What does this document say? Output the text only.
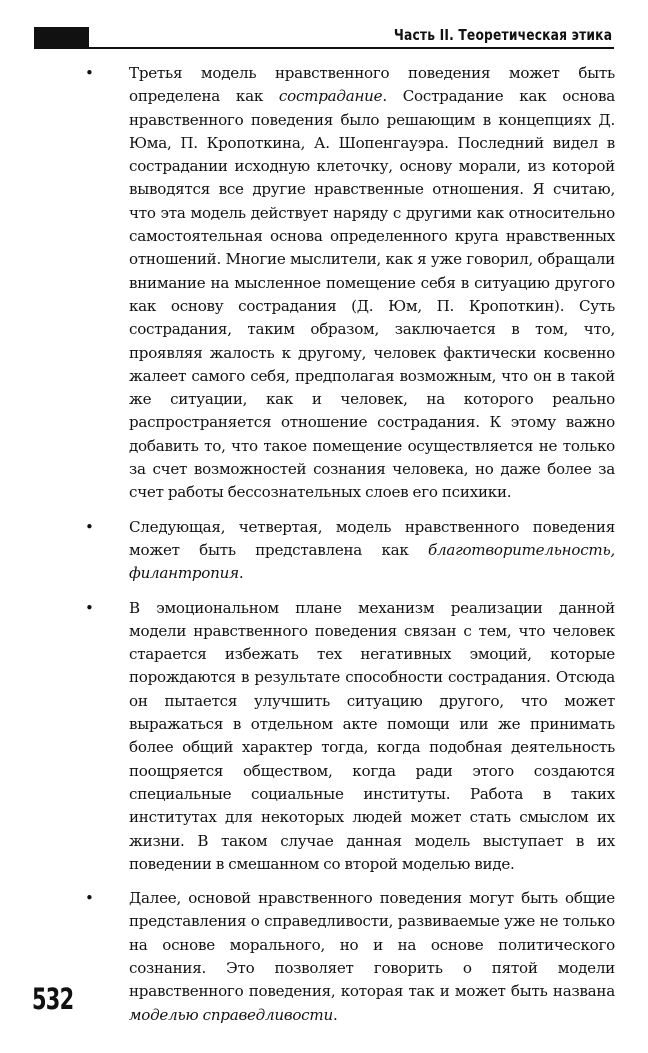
Часть II. Теоретическая этика
• Третья модель нравственного поведения может быть определена как сострадание. Сострадание как основа нравственного поведения было решающим в концепциях Д. Юма, П. Кропоткина, А. Шопенгауэра. Последний видел в сострадании исходную клеточку, основу морали, из которой выводятся все другие нравственные отношения. Я считаю, что эта модель действует наряду с другими как относительно самостоятельная основа определенного круга нравственных отношений. Многие мыслители, как я уже говорил, обращали внимание на мысленное помещение себя в ситуацию другого как основу сострадания (Д. Юм, П. Кропоткин). Суть сострадания, таким образом, заключается в том, что, проявляя жалость к другому, человек фактически косвенно жалеет самого себя, предполагая возможным, что он в такой же ситуации, как и человек, на которого реально распространяется отношение сострадания. К этому важно добавить то, что такое помещение осуществляется не только за счет возможностей сознания человека, но даже более за счет работы бессознательных слоев его психики.

• Следующая, четвертая, модель нравственного поведения может быть представлена как благотворительность, филантропия.

• В эмоциональном плане механизм реализации данной модели нравственного поведения связан с тем, что человек старается избежать тех негативных эмоций, которые порождаются в результате способности сострадания. Отсюда он пытается улучшить ситуацию другого, что может выражаться в отдельном акте помощи или же принимать более общий характер тогда, когда подобная деятельность поощряется обществом, когда ради этого создаются специальные социальные институты. Работа в таких институтах для некоторых людей может стать смыслом их жизни. В таком случае данная модель выступает в их поведении в смешанном со второй моделью виде.

• Далее, основой нравственного поведения могут быть общие представления о справедливости, развиваемые уже не только на основе морального, но и на основе политического сознания. Это позволяет говорить о пятой модели нравственного поведения, которая так и может быть названа моделью справедливости.

532
